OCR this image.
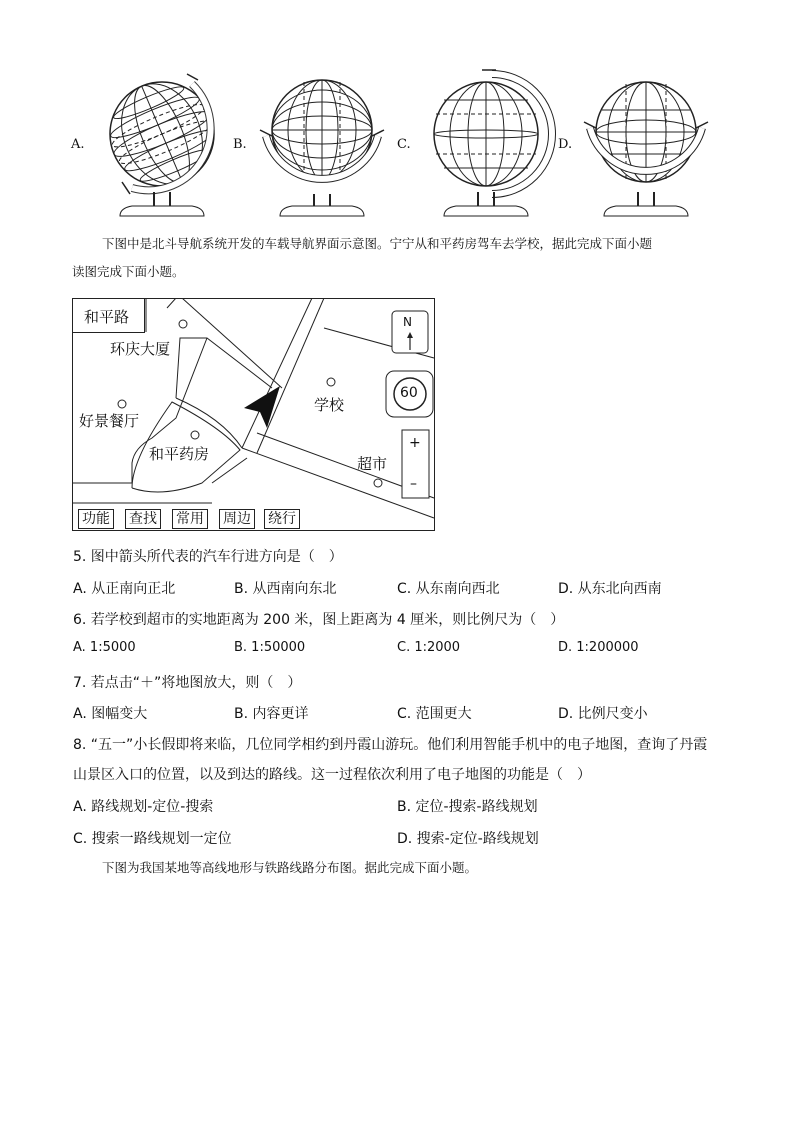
A.	B.	C.	D.
下图中是北斗导航系统开发的车载导航界面示意图。宁宁从和平药房驾车去学校，据此完成下面小题
读图完成下面小题。
和平路
环庆大厦
好景餐厅
和平药房
学校
超市
N
60
+
–
功能 查找 常用 周边 绕行
5. 图中箭头所代表的汽车行进方向是（　）
A. 从正南向正北	B. 从西南向东北	C. 从东南向西北	D. 从东北向西南
6. 若学校到超市的实地距离为 200 米，图上距离为 4 厘米，则比例尺为（　）
A. 1:5000	B. 1:50000	C. 1:2000	D. 1:200000
7. 若点击“＋”将地图放大，则（　）
A. 图幅变大	B. 内容更详	C. 范围更大	D. 比例尺变小
8. “五一”小长假即将来临，几位同学相约到丹霞山游玩。他们利用智能手机中的电子地图，查询了丹霞
山景区入口的位置，以及到达的路线。这一过程依次利用了电子地图的功能是（　）
A. 路线规划-定位-搜索	B. 定位-搜索-路线规划
C. 搜索一路线规划一定位	D. 搜索-定位-路线规划
下图为我国某地等高线地形与铁路线路分布图。据此完成下面小题。
